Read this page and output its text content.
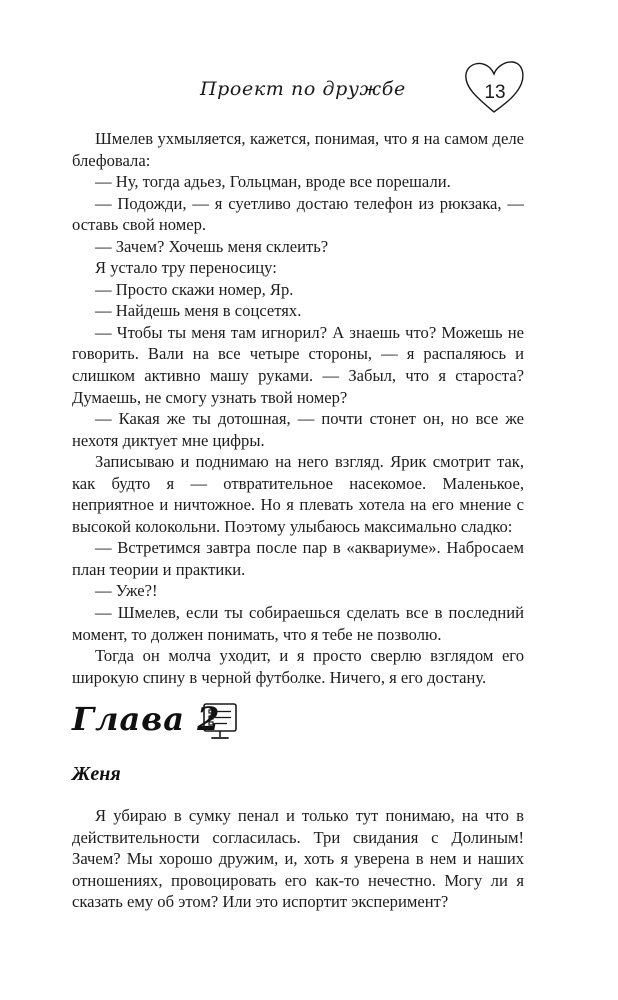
Проект по дружбе	13

Шмелев ухмыляется, кажется, понимая, что я на самом деле блефовала:

— Ну, тогда адьез, Гольцман, вроде все порешали.

— Подожди, — я суетливо достаю телефон из рюкзака, — оставь свой номер.

— Зачем? Хочешь меня склеить?

Я устало тру переносицу:

— Просто скажи номер, Яр.

— Найдешь меня в соцсетях.

— Чтобы ты меня там игнорил? А знаешь что? Можешь не говорить. Вали на все четыре стороны, — я распаляюсь и слишком активно машу руками. — Забыл, что я староста? Думаешь, не смогу узнать твой номер?

— Какая же ты дотошная, — почти стонет он, но все же нехотя диктует мне цифры.

Записываю и поднимаю на него взгляд. Ярик смотрит так, как будто я — отвратительное насекомое. Маленькое, неприятное и ничтожное. Но я плевать хотела на его мнение с высокой колокольни. Поэтому улыбаюсь максимально сладко:

— Встретимся завтра после пар в «аквариуме». Набросаем план теории и практики.

— Уже?!

— Шмелев, если ты собираешься сделать все в последний момент, то должен понимать, что я тебе не позволю.

Тогда он молча уходит, и я просто сверлю взглядом его широкую спину в черной футболке. Ничего, я его достану.

Глава 2
Женя

Я убираю в сумку пенал и только тут понимаю, на что в действительности согласилась. Три свидания с Долиным! Зачем? Мы хорошо дружим, и, хоть я уверена в нем и наших отношениях, провоцировать его как-то нечестно. Могу ли я сказать ему об этом? Или это испортит эксперимент?
